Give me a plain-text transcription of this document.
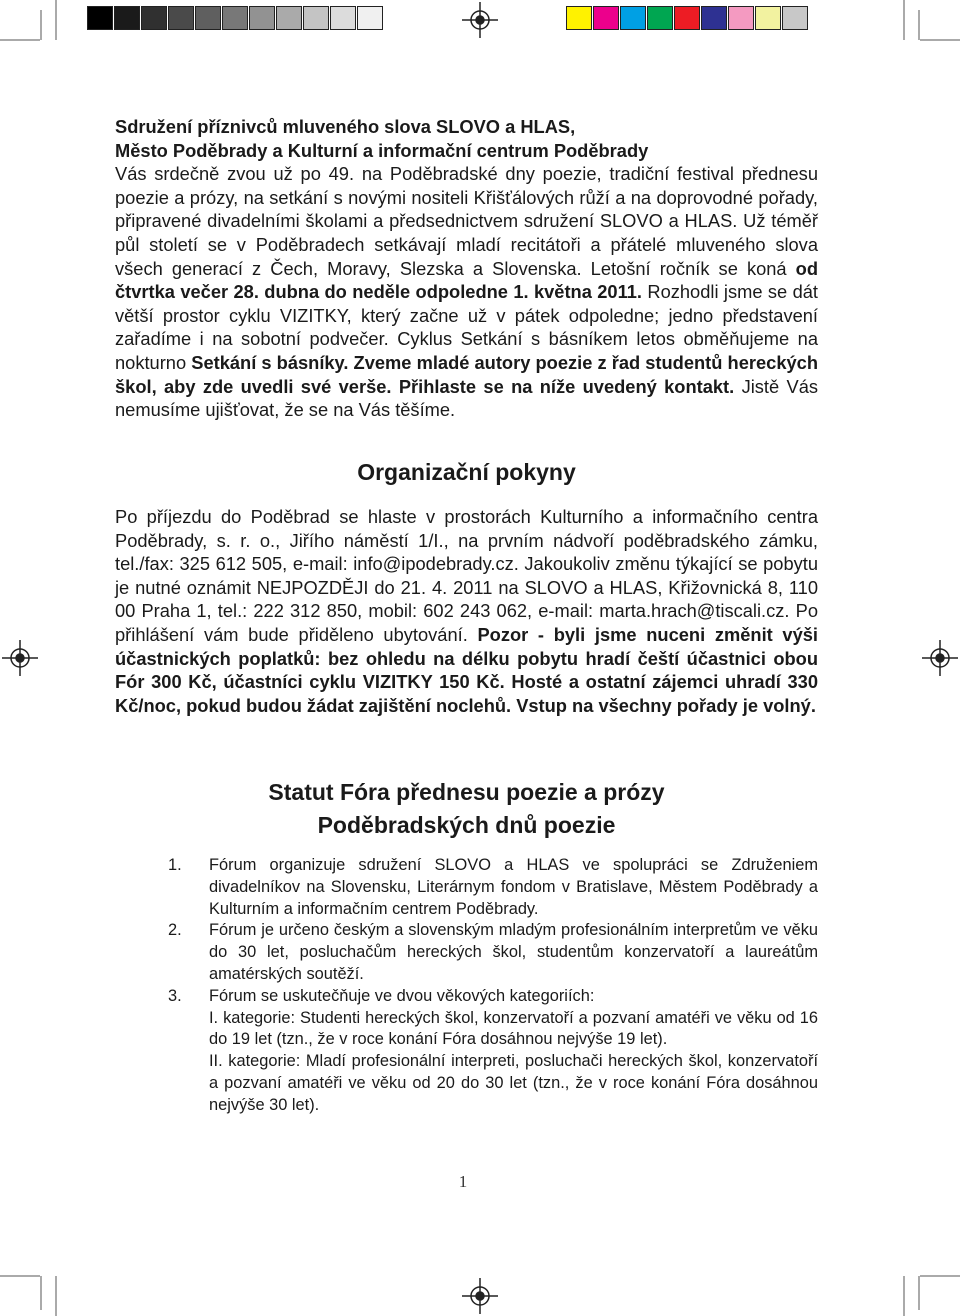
Sdružení příznivců mluveného slova SLOVO a HLAS,

Město Poděbrady a Kulturní a informační centrum Poděbrady

Vás srdečně zvou už po 49. na Poděbradské dny poezie, tradiční festival přednesu poezie a prózy, na setkání s novými nositeli Křišťálových růží a na doprovodné pořady, připravené divadelními školami a předsednictvem sdružení SLOVO a HLAS. Už téměř půl století se v Poděbradech setkávají mladí recitátoři a přátelé mluveného slova všech generací z Čech, Moravy, Slezska a Slovenska. Letošní ročník se koná od čtvrtka večer 28. dubna do neděle odpoledne 1. května 2011. Rozhodli jsme se dát větší prostor cyklu VIZITKY, který začne už v pátek odpoledne; jedno představení zařadíme i na sobotní podvečer. Cyklus Setkání s básníkem letos obměňujeme na nokturno Setkání s básníky. Zveme mladé autory poezie z řad studentů hereckých škol, aby zde uvedli své verše. Přihlaste se na níže uvedený kontakt. Jistě Vás nemusíme ujišťovat, že se na Vás těšíme.

Organizační pokyny

Po příjezdu do Poděbrad se hlaste v prostorách Kulturního a informačního centra Poděbrady, s. r. o., Jiřího náměstí 1/I., na prvním nádvoří poděbradského zámku, tel./fax: 325 612 505, e-mail: info@ipodebrady.cz. Jakoukoliv změnu týkající se pobytu je nutné oznámit NEJPOZDĚJI do 21. 4. 2011 na SLOVO a HLAS, Křižovnická 8, 110 00 Praha 1, tel.: 222 312 850, mobil: 602 243 062, e-mail: marta.hrach@tiscali.cz. Po přihlášení vám bude přiděleno ubytování. Pozor - byli jsme nuceni změnit výši účastnických poplatků: bez ohledu na délku pobytu hradí čeští účastnici obou Fór 300 Kč, účastníci cyklu VIZITKY 150 Kč. Hosté a ostatní zájemci uhradí 330 Kč/noc, pokud budou žádat zajištění noclehů. Vstup na všechny pořady je volný.

Statut Fóra přednesu poezie a prózy
Poděbradských dnů poezie
1. Fórum organizuje sdružení SLOVO a HLAS ve spolupráci se Združeniem divadelníkov na Slovensku, Literárnym fondom v Bratislave, Městem Poděbrady a Kulturním a informačním centrem Poděbrady.

2. Fórum je určeno českým a slovenským mladým profesionálním interpretům ve věku do 30 let, posluchačům hereckých škol, studentům konzervatoří a laureátům amatérských soutěží.

3. Fórum se uskutečňuje ve dvou věkových kategoriích:

I. kategorie: Studenti hereckých škol, konzervatoří a pozvaní amatéři ve věku od 16 do 19 let (tzn., že v roce konání Fóra dosáhnou nejvýše 19 let).

II. kategorie: Mladí profesionální interpreti, posluchači hereckých škol, konzervatoří a pozvaní amatéři ve věku od 20 do 30 let (tzn., že v roce konání Fóra dosáhnou nejvýše 30 let).

1
